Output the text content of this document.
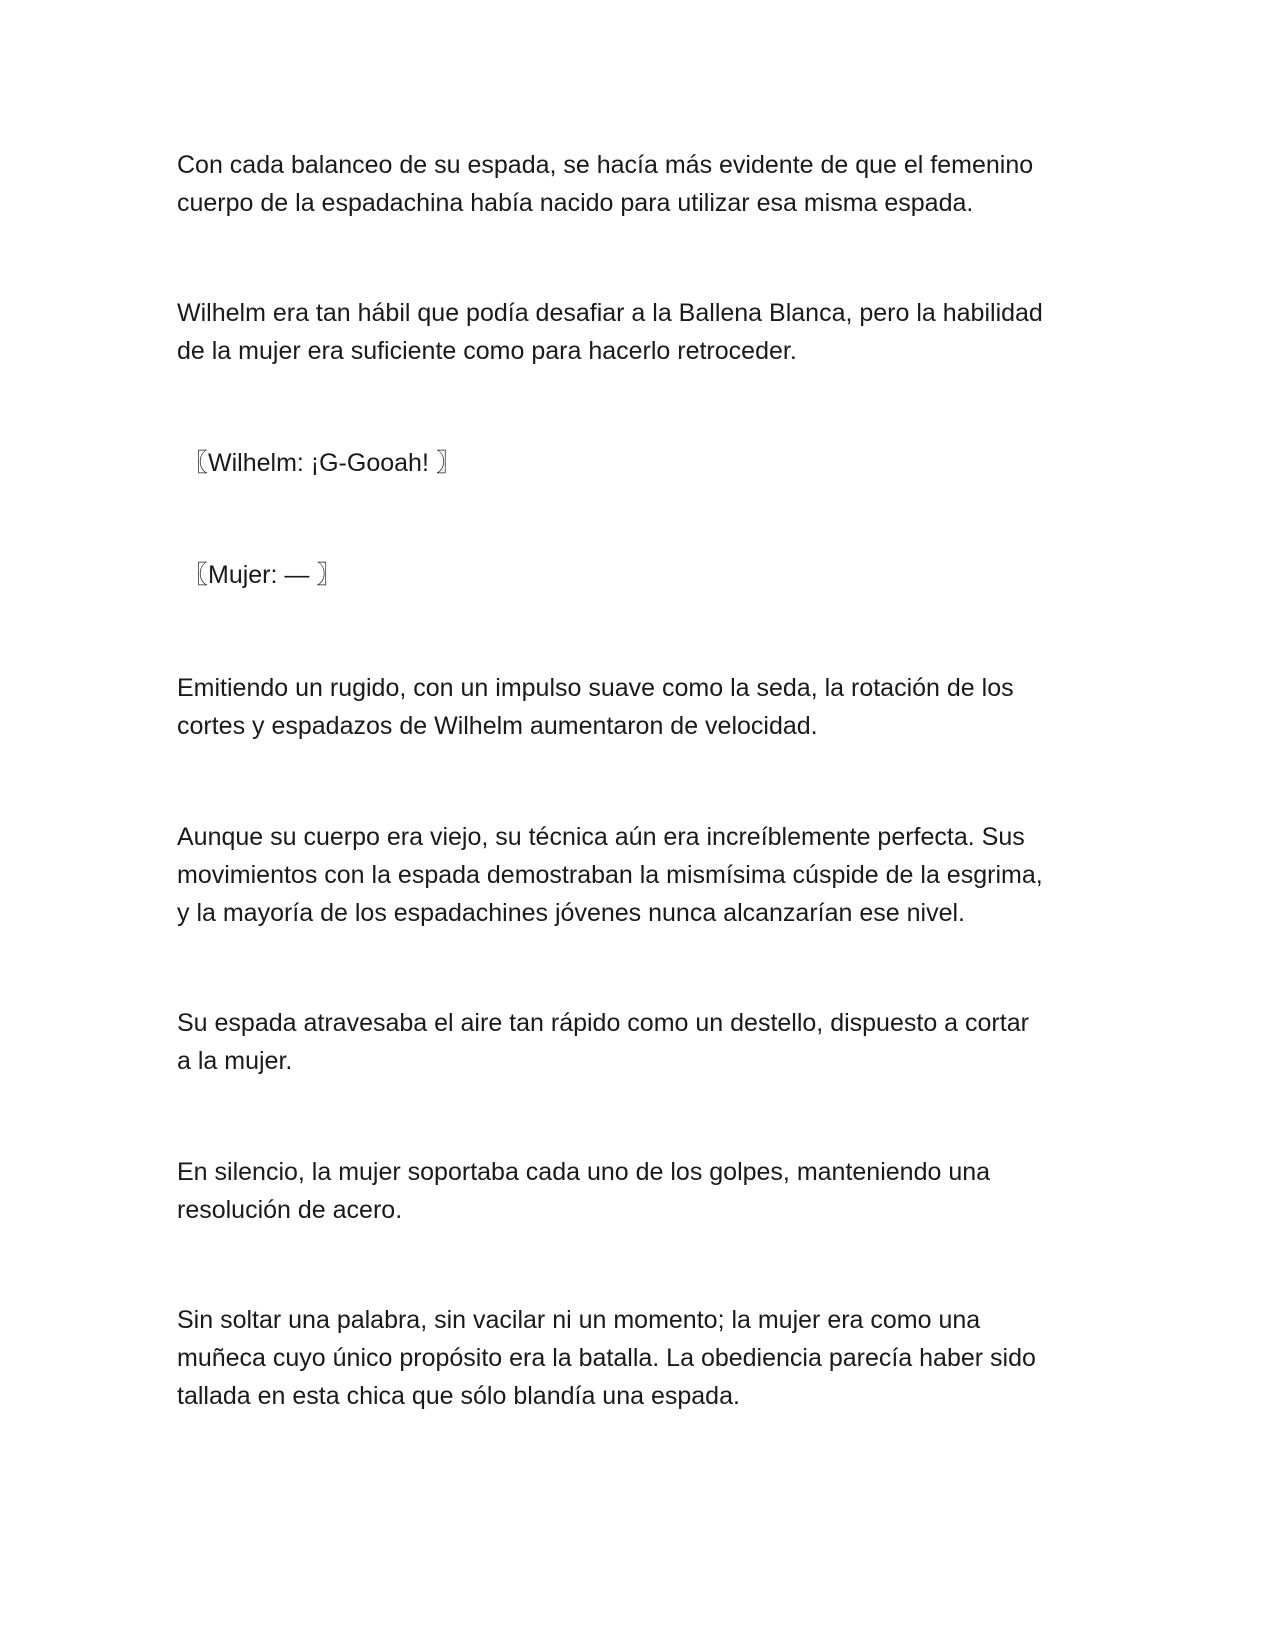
Con cada balanceo de su espada, se hacía más evidente de que el femenino
cuerpo de la espadachina había nacido para utilizar esa misma espada.

Wilhelm era tan hábil que podía desafiar a la Ballena Blanca, pero la habilidad
de la mujer era suficiente como para hacerlo retroceder.

〖Wilhelm: ¡G-Gooah! 〗

〖Mujer: — 〗

Emitiendo un rugido, con un impulso suave como la seda, la rotación de los
cortes y espadazos de Wilhelm aumentaron de velocidad.

Aunque su cuerpo era viejo, su técnica aún era increíblemente perfecta. Sus
movimientos con la espada demostraban la mismísima cúspide de la esgrima,
y la mayoría de los espadachines jóvenes nunca alcanzarían ese nivel.

Su espada atravesaba el aire tan rápido como un destello, dispuesto a cortar
a la mujer.

En silencio, la mujer soportaba cada uno de los golpes, manteniendo una
resolución de acero.

Sin soltar una palabra, sin vacilar ni un momento; la mujer era como una
muñeca cuyo único propósito era la batalla. La obediencia parecía haber sido
tallada en esta chica que sólo blandía una espada.
